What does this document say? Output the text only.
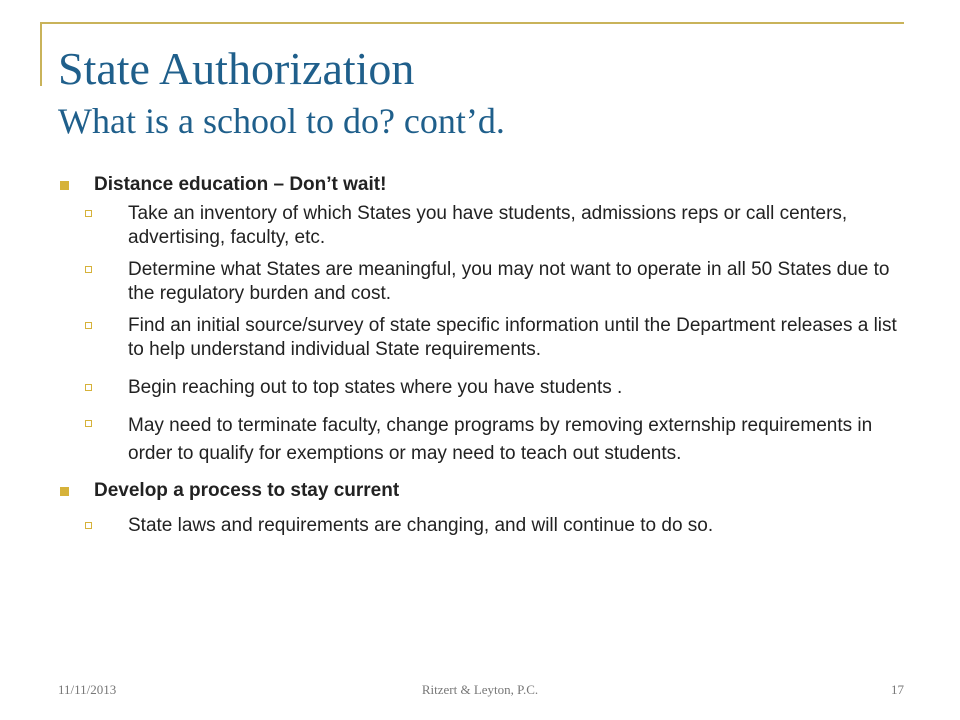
State Authorization
What is a school to do? cont’d.
Distance education – Don’t wait!
Take an inventory of which States you have students, admissions reps or call centers, advertising, faculty, etc.
Determine what States are meaningful, you may not want to operate in all 50 States due to the regulatory burden and cost.
Find an initial source/survey of state specific information until the Department releases a list to help understand individual State requirements.
Begin reaching out to top states where you have students .
May need to terminate faculty, change programs by removing externship requirements in order to qualify for exemptions or may need to teach out students.
Develop a process to stay current
State laws and requirements are changing, and will continue to do so.
11/11/2013	Ritzert & Leyton, P.C.	17
